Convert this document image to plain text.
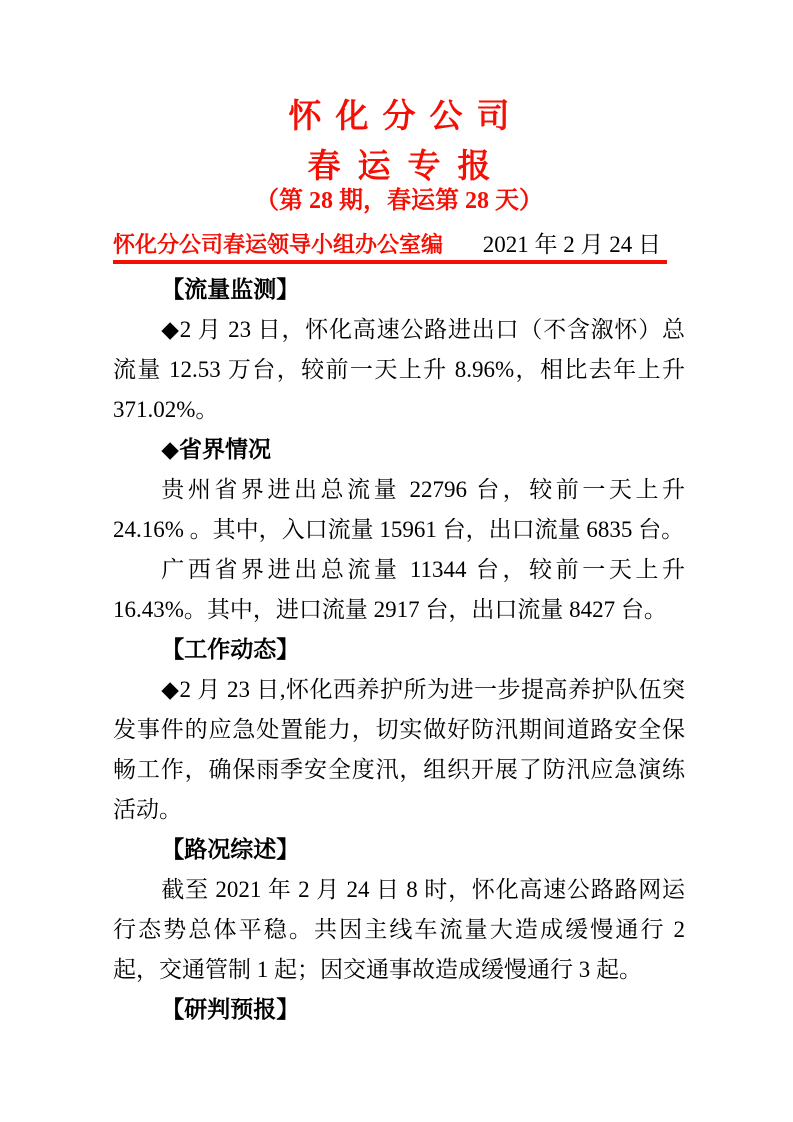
怀化分公司
春运专报
（第 28 期，春运第 28 天）
怀化分公司春运领导小组办公室编 2021 年 2 月 24 日
【流量监测】

◆2 月 23 日，怀化高速公路进出口（不含溆怀）总流量 12.53 万台，较前一天上升 8.96%，相比去年上升 371.02%。

◆省界情况

贵州省界进出总流量 22796 台，较前一天上升 24.16% 。其中，入口流量 15961 台，出口流量 6835 台。

广西省界进出总流量 11344 台，较前一天上升 16.43%。其中，进口流量 2917 台，出口流量 8427 台。

【工作动态】

◆2 月 23 日,怀化西养护所为进一步提高养护队伍突发事件的应急处置能力，切实做好防汛期间道路安全保畅工作，确保雨季安全度汛，组织开展了防汛应急演练活动。

【路况综述】

截至 2021 年 2 月 24 日 8 时，怀化高速公路路网运行态势总体平稳。共因主线车流量大造成缓慢通行 2 起，交通管制 1 起；因交通事故造成缓慢通行 3 起。

【研判预报】
